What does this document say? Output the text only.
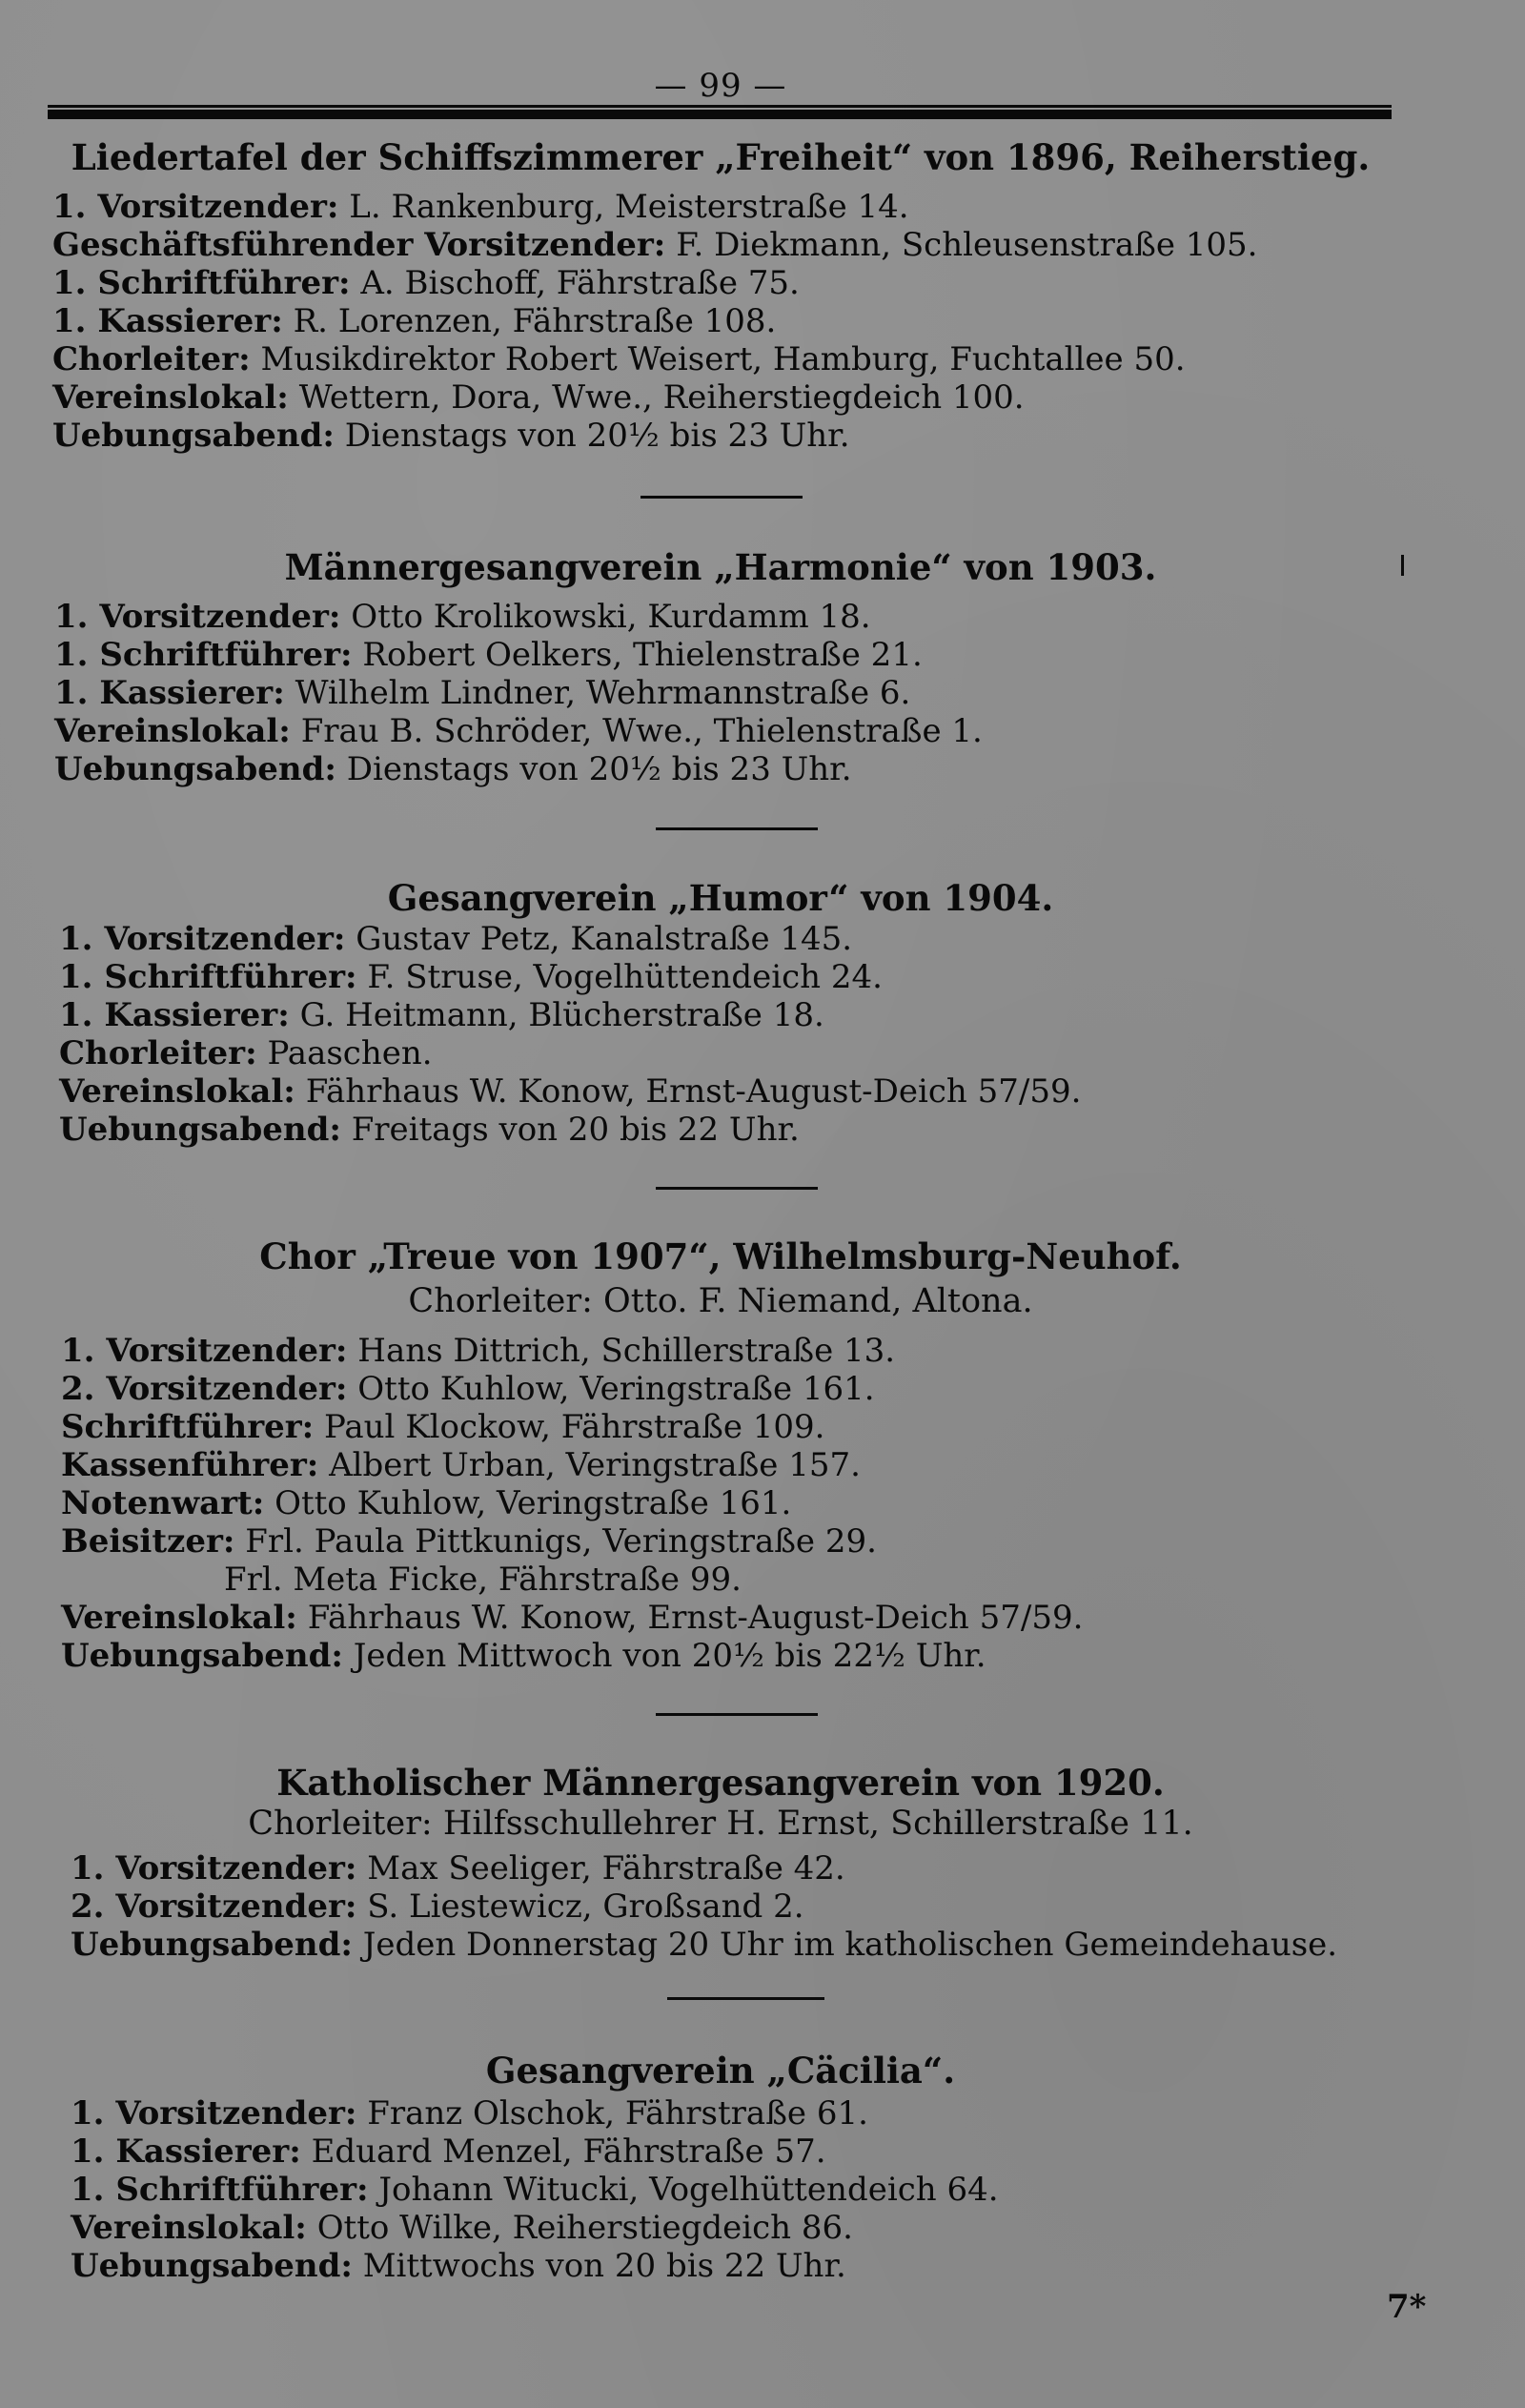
— 99 —
Liedertafel der Schiffszimmerer „Freiheit“ von 1896, Reiherstieg.
1. Vorsitzender: L. Rankenburg, Meisterstraße 14.
Geschäftsführender Vorsitzender: F. Diekmann, Schleusenstraße 105.
1. Schriftführer: A. Bischoff, Fährstraße 75.
1. Kassierer: R. Lorenzen, Fährstraße 108.
Chorleiter: Musikdirektor Robert Weisert, Hamburg, Fuchtallee 50.
Vereinslokal: Wettern, Dora, Wwe., Reiherstiegdeich 100.
Uebungsabend: Dienstags von 20½ bis 23 Uhr.
Männergesangverein „Harmonie“ von 1903.
1. Vorsitzender: Otto Krolikowski, Kurdamm 18.
1. Schriftführer: Robert Oelkers, Thielenstraße 21.
1. Kassierer: Wilhelm Lindner, Wehrmannstraße 6.
Vereinslokal: Frau B. Schröder, Wwe., Thielenstraße 1.
Uebungsabend: Dienstags von 20½ bis 23 Uhr.
Gesangverein „Humor“ von 1904.
1. Vorsitzender: Gustav Petz, Kanalstraße 145.
1. Schriftführer: F. Struse, Vogelhüttendeich 24.
1. Kassierer: G. Heitmann, Blücherstraße 18.
Chorleiter: Paaschen.
Vereinslokal: Fährhaus W. Konow, Ernst-August-Deich 57/59.
Uebungsabend: Freitags von 20 bis 22 Uhr.
Chor „Treue von 1907“, Wilhelmsburg-Neuhof.
Chorleiter: Otto. F. Niemand, Altona.
1. Vorsitzender: Hans Dittrich, Schillerstraße 13.
2. Vorsitzender: Otto Kuhlow, Veringstraße 161.
Schriftführer: Paul Klockow, Fährstraße 109.
Kassenführer: Albert Urban, Veringstraße 157.
Notenwart: Otto Kuhlow, Veringstraße 161.
Beisitzer: Frl. Paula Pittkunigs, Veringstraße 29.
Frl. Meta Ficke, Fährstraße 99.
Vereinslokal: Fährhaus W. Konow, Ernst-August-Deich 57/59.
Uebungsabend: Jeden Mittwoch von 20½ bis 22½ Uhr.
Katholischer Männergesangverein von 1920.
Chorleiter: Hilfsschullehrer H. Ernst, Schillerstraße 11.
1. Vorsitzender: Max Seeliger, Fährstraße 42.
2. Vorsitzender: S. Liestewicz, Großsand 2.
Uebungsabend: Jeden Donnerstag 20 Uhr im katholischen Gemeindehause.
Gesangverein „Cäcilia“.
1. Vorsitzender: Franz Olschok, Fährstraße 61.
1. Kassierer: Eduard Menzel, Fährstraße 57.
1. Schriftführer: Johann Witucki, Vogelhüttendeich 64.
Vereinslokal: Otto Wilke, Reiherstiegdeich 86.
Uebungsabend: Mittwochs von 20 bis 22 Uhr.
7*
